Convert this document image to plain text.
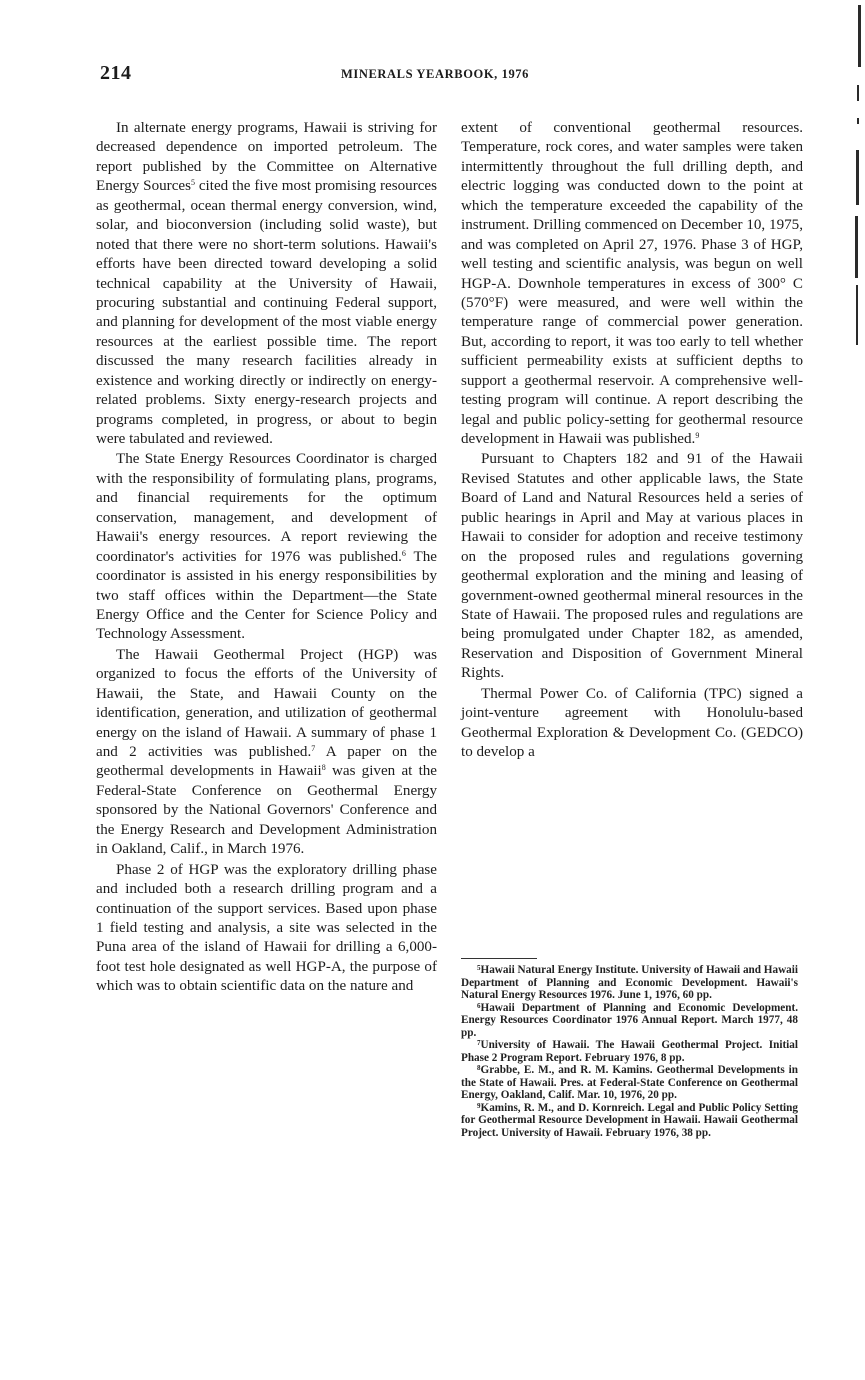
214	MINERALS YEARBOOK, 1976

In alternate energy programs, Hawaii is striving for decreased dependence on imported petroleum. The report published by the Committee on Alternative Energy Sources$^5$ cited the five most promising resources as geothermal, ocean thermal energy conversion, wind, solar, and bioconversion (including solid waste), but noted that there were no short-term solutions. Hawaii's efforts have been directed toward developing a solid technical capability at the University of Hawaii, procuring substantial and continuing Federal support, and planning for development of the most viable energy resources at the earliest possible time. The report discussed the many research facilities already in existence and working directly or indirectly on energy-related problems. Sixty energy-research projects and programs completed, in progress, or about to begin were tabulated and reviewed.

The State Energy Resources Coordinator is charged with the responsibility of formulating plans, programs, and financial requirements for the optimum conservation, management, and development of Hawaii's energy resources. A report reviewing the coordinator's activities for 1976 was published.$^6$ The coordinator is assisted in his energy responsibilities by two staff offices within the Department—the State Energy Office and the Center for Science Policy and Technology Assessment.

The Hawaii Geothermal Project (HGP) was organized to focus the efforts of the University of Hawaii, the State, and Hawaii County on the identification, generation, and utilization of geothermal energy on the island of Hawaii. A summary of phase 1 and 2 activities was published.$^7$ A paper on the geothermal developments in Hawaii$^8$ was given at the Federal-State Conference on Geothermal Energy sponsored by the National Governors' Conference and the Energy Research and Development Administration in Oakland, Calif., in March 1976.

Phase 2 of HGP was the exploratory drilling phase and included both a research drilling program and a continuation of the support services. Based upon phase 1 field testing and analysis, a site was selected in the Puna area of the island of Hawaii for drilling a 6,000-foot test hole designated as well HGP-A, the purpose of which was to obtain scientific data on the nature and

extent of conventional geothermal resources. Temperature, rock cores, and water samples were taken intermittently throughout the full drilling depth, and electric logging was conducted down to the point at which the temperature exceeded the capability of the instrument. Drilling commenced on December 10, 1975, and was completed on April 27, 1976. Phase 3 of HGP, well testing and scientific analysis, was begun on well HGP-A. Downhole temperatures in excess of 300° C (570°F) were measured, and were well within the temperature range of commercial power generation. But, according to report, it was too early to tell whether sufficient permeability exists at sufficient depths to support a geothermal reservoir. A comprehensive well-testing program will continue. A report describing the legal and public policy-setting for geothermal resource development in Hawaii was published.$^9$

Pursuant to Chapters 182 and 91 of the Hawaii Revised Statutes and other applicable laws, the State Board of Land and Natural Resources held a series of public hearings in April and May at various places in Hawaii to consider for adoption and receive testimony on the proposed rules and regulations governing geothermal exploration and the mining and leasing of government-owned geothermal mineral resources in the State of Hawaii. The proposed rules and regulations are being promulgated under Chapter 182, as amended, Reservation and Disposition of Government Mineral Rights.

Thermal Power Co. of California (TPC) signed a joint-venture agreement with Honolulu-based Geothermal Exploration & Development Co. (GEDCO) to develop a

$^5$Hawaii Natural Energy Institute. University of Hawaii and Hawaii Department of Planning and Economic Development. Hawaii's Natural Energy Resources 1976. June 1, 1976, 60 pp.

$^6$Hawaii Department of Planning and Economic Development. Energy Resources Coordinator 1976 Annual Report. March 1977, 48 pp.

$^7$University of Hawaii. The Hawaii Geothermal Project. Initial Phase 2 Program Report. February 1976, 8 pp.

$^8$Grabbe, E. M., and R. M. Kamins. Geothermal Developments in the State of Hawaii. Pres. at Federal-State Conference on Geothermal Energy, Oakland, Calif. Mar. 10, 1976, 20 pp.

$^9$Kamins, R. M., and D. Kornreich. Legal and Public Policy Setting for Geothermal Resource Development in Hawaii. Hawaii Geothermal Project. University of Hawaii. February 1976, 38 pp.
